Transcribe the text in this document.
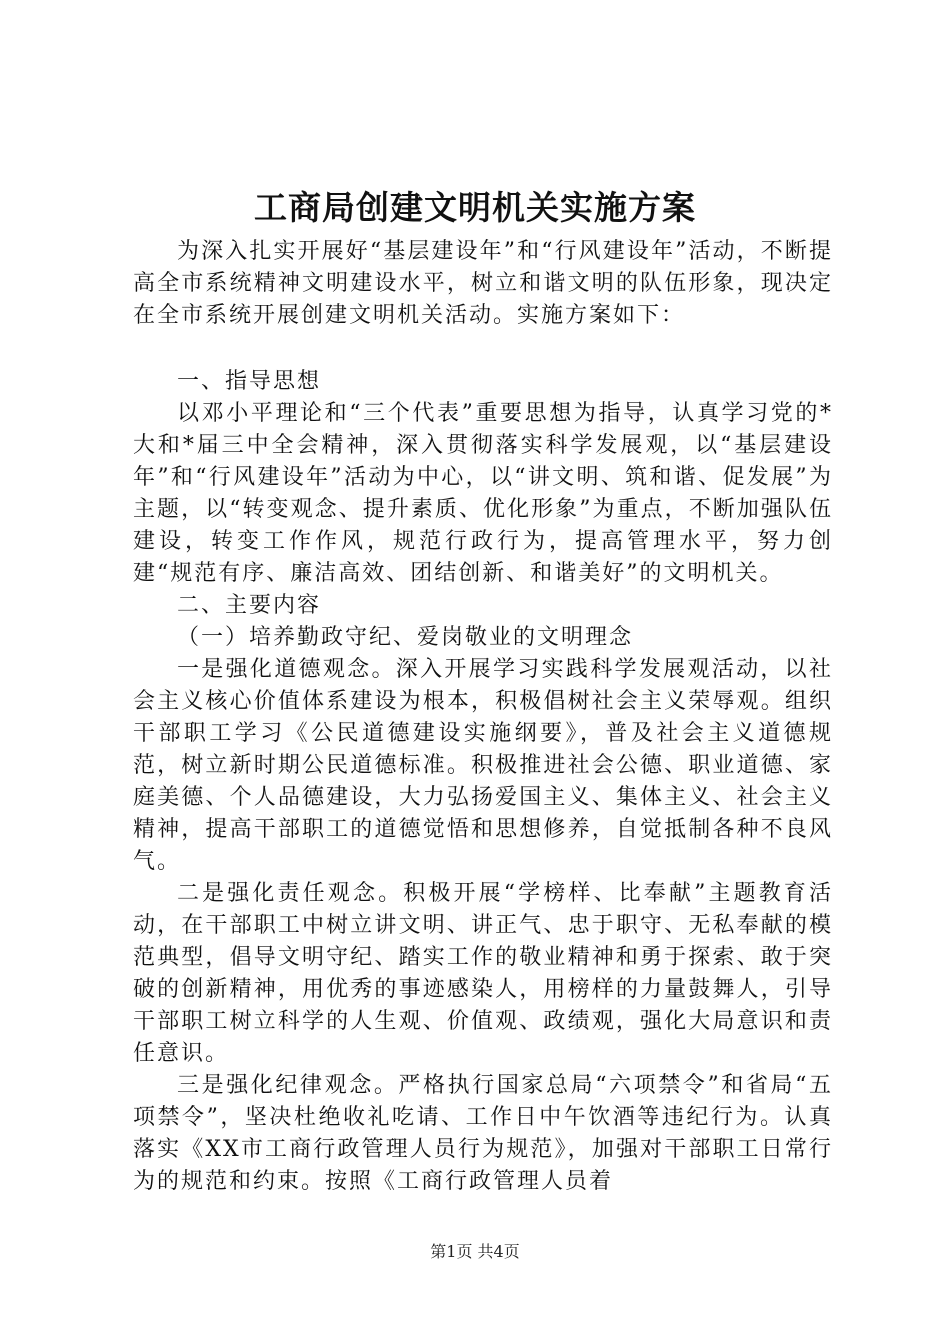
工商局创建文明机关实施方案

为深入扎实开展好“基层建设年”和“行风建设年”活动，不断提高全市系统精神文明建设水平，树立和谐文明的队伍形象，现决定在全市系统开展创建文明机关活动。实施方案如下：

一、指导思想

以邓小平理论和“三个代表”重要思想为指导，认真学习党的*大和*届三中全会精神，深入贯彻落实科学发展观，以“基层建设年”和“行风建设年”活动为中心，以“讲文明、筑和谐、促发展”为主题，以“转变观念、提升素质、优化形象”为重点，不断加强队伍建设，转变工作作风，规范行政行为，提高管理水平，努力创建“规范有序、廉洁高效、团结创新、和谐美好”的文明机关。

二、主要内容

（一）培养勤政守纪、爱岗敬业的文明理念

一是强化道德观念。深入开展学习实践科学发展观活动，以社会主义核心价值体系建设为根本，积极倡树社会主义荣辱观。组织干部职工学习《公民道德建设实施纲要》，普及社会主义道德规范，树立新时期公民道德标准。积极推进社会公德、职业道德、家庭美德、个人品德建设，大力弘扬爱国主义、集体主义、社会主义精神，提高干部职工的道德觉悟和思想修养，自觉抵制各种不良风气。

二是强化责任观念。积极开展“学榜样、比奉献”主题教育活动，在干部职工中树立讲文明、讲正气、忠于职守、无私奉献的模范典型，倡导文明守纪、踏实工作的敬业精神和勇于探索、敢于突破的创新精神，用优秀的事迹感染人，用榜样的力量鼓舞人，引导干部职工树立科学的人生观、价值观、政绩观，强化大局意识和责任意识。

三是强化纪律观念。严格执行国家总局“六项禁令”和省局“五项禁令”，坚决杜绝收礼吃请、工作日中午饮酒等违纪行为。认真落实《XX市工商行政管理人员行为规范》，加强对干部职工日常行为的规范和约束。按照《工商行政管理人员着

第1页 共4页
